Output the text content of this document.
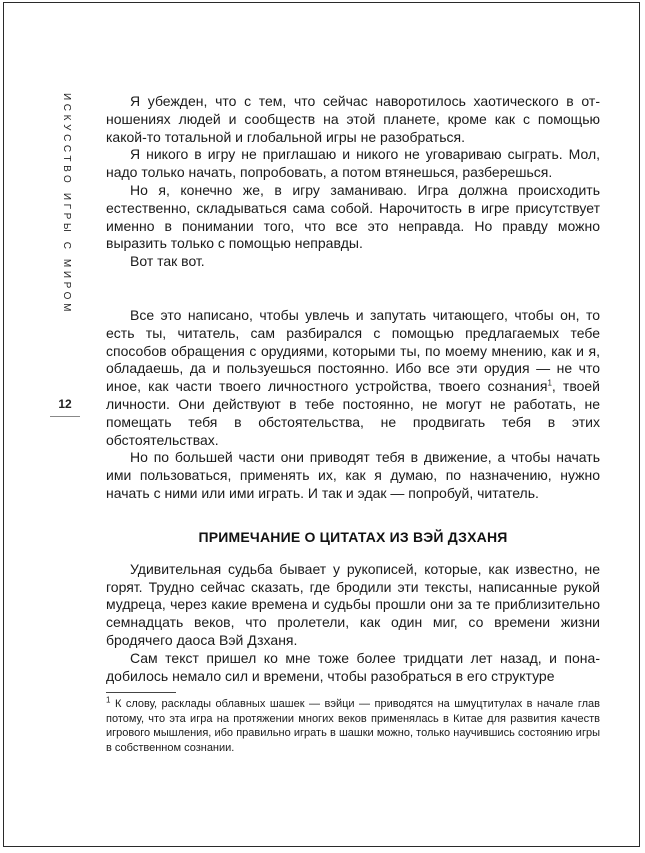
ИСКУССТВО ИГРЫ С МИРОМ
12

Я убежден, что с тем, что сейчас наворотилось хаотического в отношениях людей и сообществ на этой планете, кроме как с помощью какой-то тотальной и глобальной игры не разобраться.

Я никого в игру не приглашаю и никого не уговариваю сыграть. Мол, надо только начать, попробовать, а потом втянешься, разберешься.

Но я, конечно же, в игру заманиваю. Игра должна происходить естественно, складываться сама собой. Нарочитость в игре присутствует именно в понимании того, что все это неправда. Но правду можно выразить только с помощью неправды.

Вот так вот.

Все это написано, чтобы увлечь и запутать читающего, чтобы он, то есть ты, читатель, сам разбирался с помощью предлагаемых тебе способов обращения с орудиями, которыми ты, по моему мнению, как и я, обладаешь, да и пользуешься постоянно. Ибо все эти орудия — не что иное, как части твоего личностного устройства, твоего сознания$^1$, твоей личности. Они действуют в тебе постоянно, не могут не работать, не помещать тебя в обстоятельства, не продвигать тебя в этих обстоятельствах.

Но по большей части они приводят тебя в движение, а чтобы начать ими пользоваться, применять их, как я думаю, по назначению, нужно начать с ними или ими играть. И так и эдак — попробуй, читатель.

ПРИМЕЧАНИЕ О ЦИТАТАХ ИЗ ВЭЙ ДЗХАНЯ

Удивительная судьба бывает у рукописей, которые, как известно, не горят. Трудно сейчас сказать, где бродили эти тексты, написанные рукой мудреца, через какие времена и судьбы прошли они за те приблизительно семнадцать веков, что пролетели, как один миг, со времени жизни бродячего даоса Вэй Дзханя.

Сам текст пришел ко мне тоже более тридцати лет назад, и понадобилось немало сил и времени, чтобы разобраться в его структуре

$^1$ К слову, расклады облавных шашек — вэйци — приводятся на шмуцтитулах в начале глав потому, что эта игра на протяжении многих веков применялась в Китае для развития качеств игрового мышления, ибо правильно играть в шашки можно, только научившись состоянию игры в собственном сознании.
